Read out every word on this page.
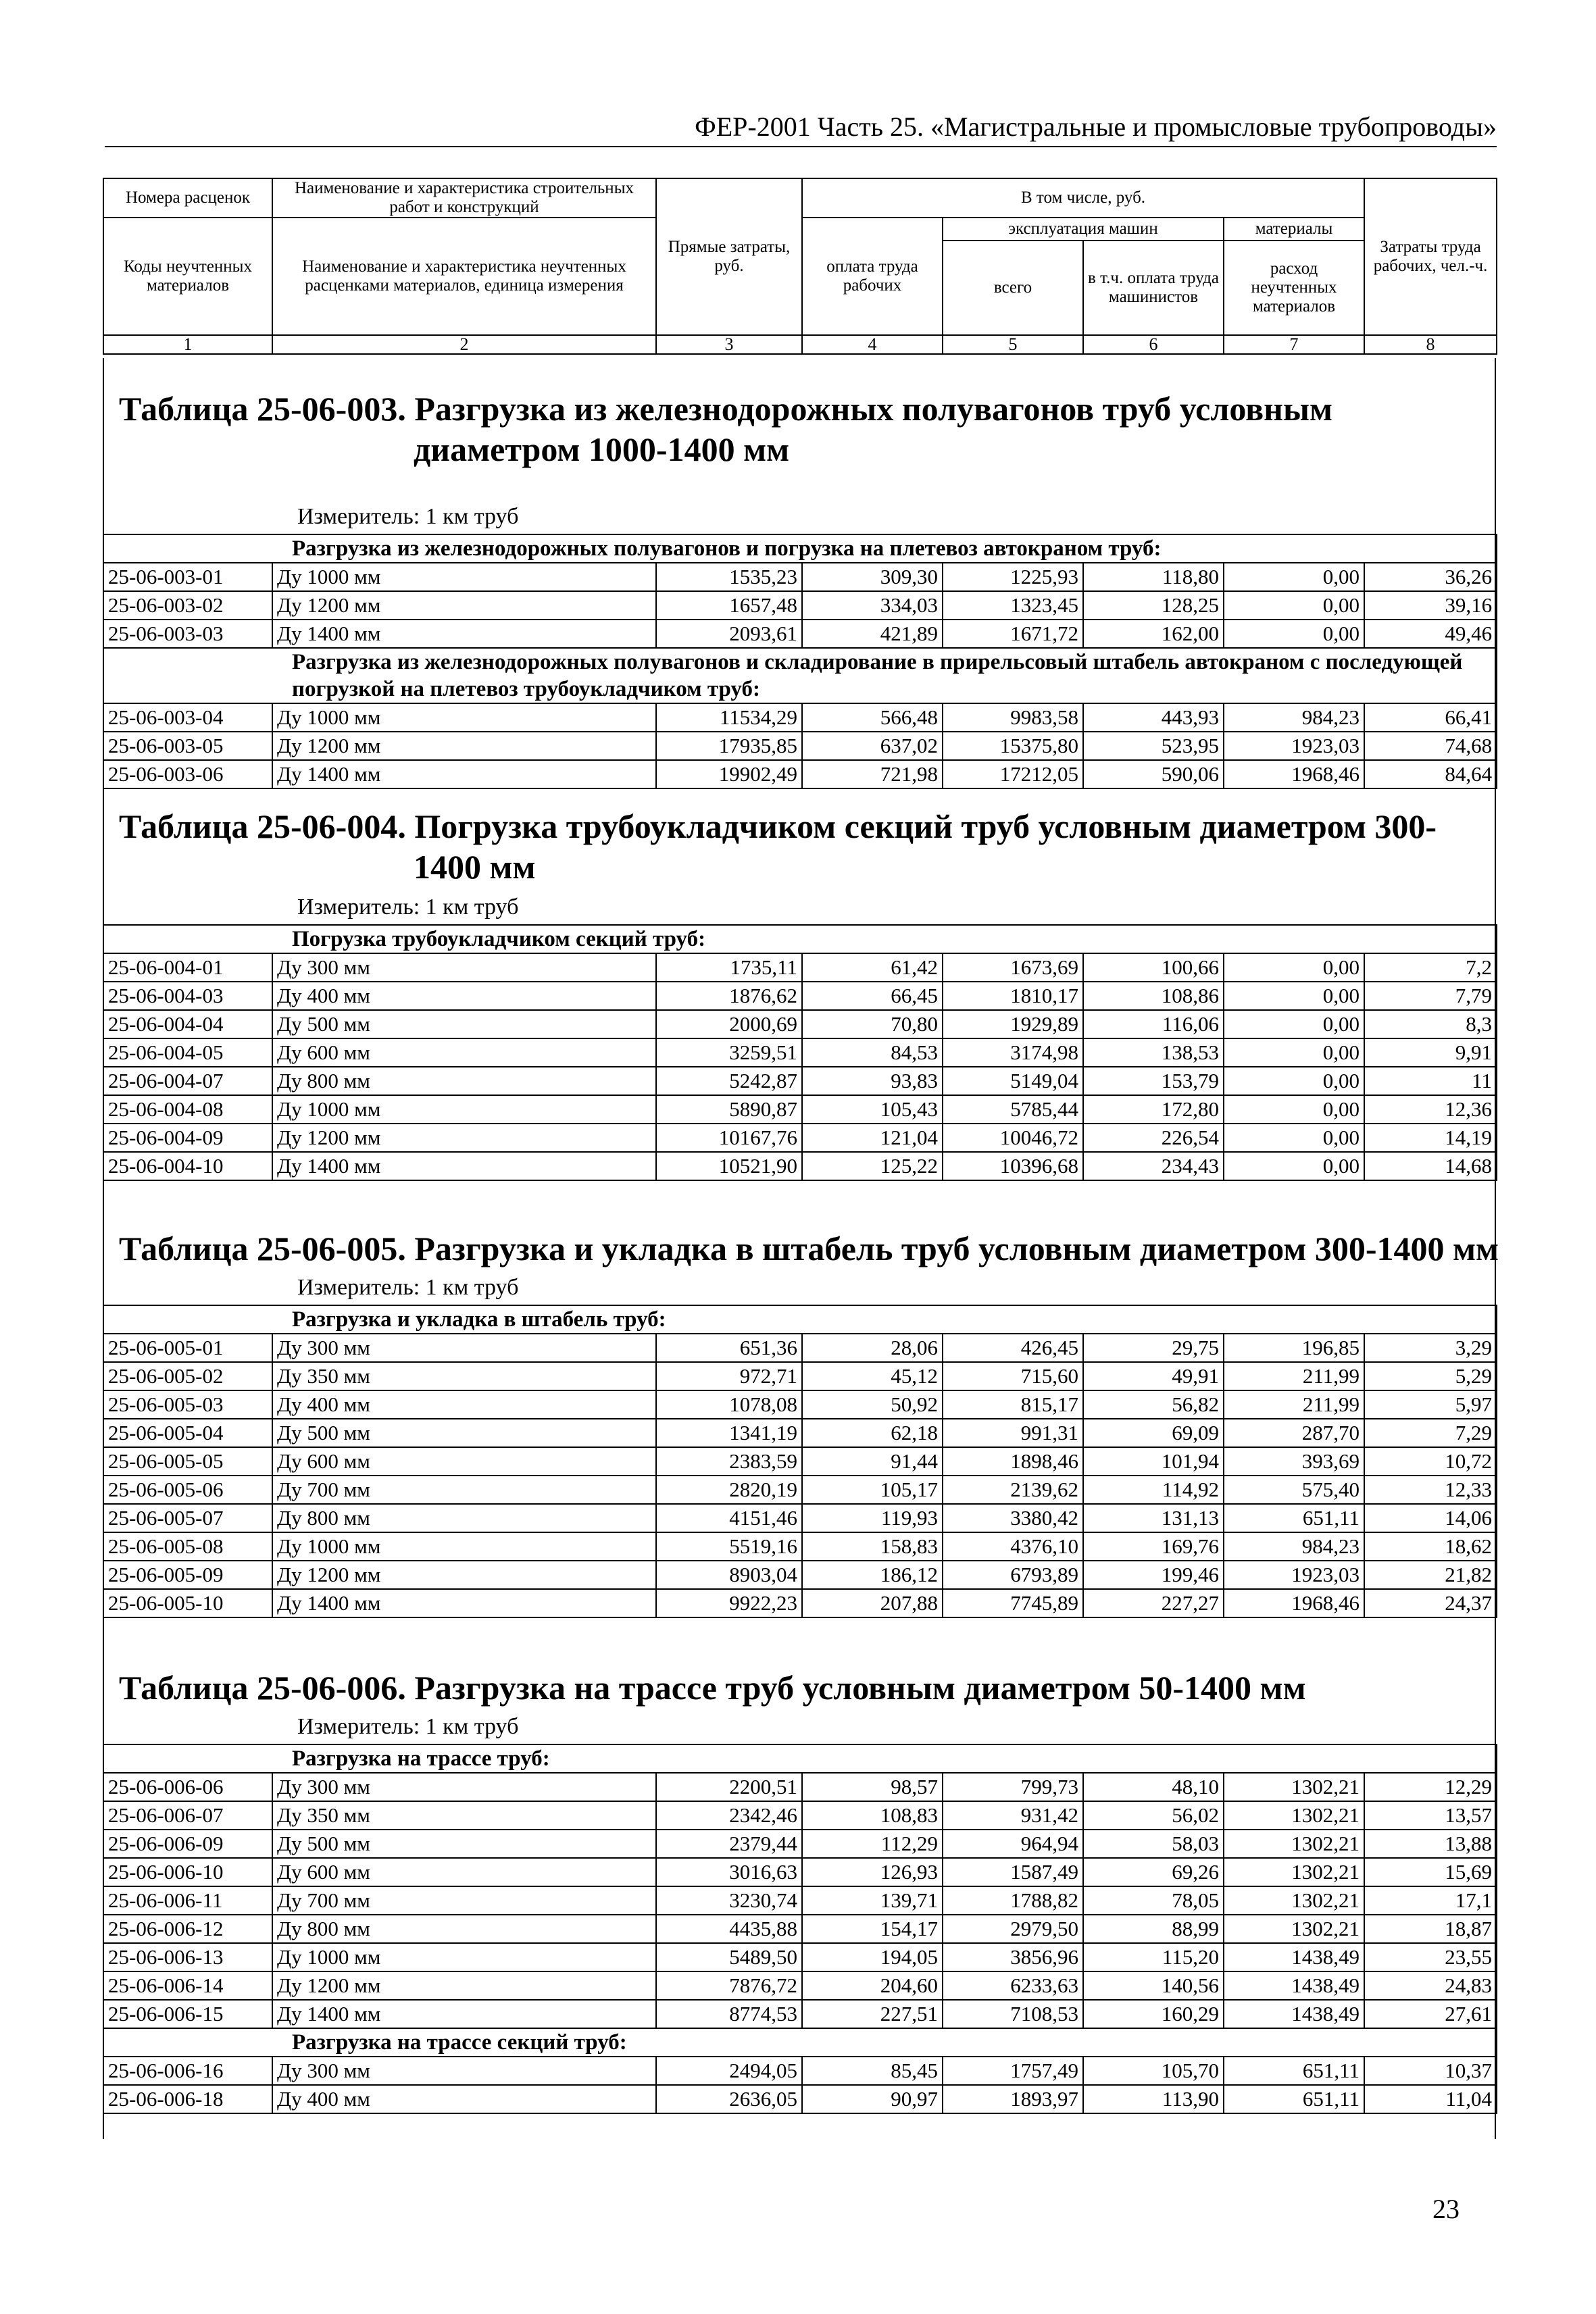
ФЕР-2001 Часть 25. «Магистральные и промысловые трубопроводы»
Номера расценок	Наименование и характеристика строительных работ и конструкций	Прямые затраты, руб.	В том числе, руб.				Затраты труда рабочих, чел.-ч.
Коды неучтенных материалов	Наименование и характеристика неучтенных расценками материалов, единица измерения		оплата труда рабочих	эксплуатация машин		материалы	
				всего	в т.ч. оплата труда машинистов	расход неучтенных материалов	
1	2	3	4	5	6	7	8
Таблица 25-06-003. Разгрузка из железнодорожных полувагонов труб условным
диаметром 1000-1400 мм
Измеритель: 1 км труб
Разгрузка из железнодорожных полувагонов и погрузка на плетевоз автокраном труб:							
25-06-003-01	Ду 1000 мм	1535,23	309,30	1225,93	118,80	0,00	36,26
25-06-003-02	Ду 1200 мм	1657,48	334,03	1323,45	128,25	0,00	39,16
25-06-003-03	Ду 1400 мм	2093,61	421,89	1671,72	162,00	0,00	49,46
Разгрузка из железнодорожных полувагонов и складирование в прирельсовый штабель автокраном с последующей погрузкой на плетевоз трубоукладчиком труб:							
25-06-003-04	Ду 1000 мм	11534,29	566,48	9983,58	443,93	984,23	66,41
25-06-003-05	Ду 1200 мм	17935,85	637,02	15375,80	523,95	1923,03	74,68
25-06-003-06	Ду 1400 мм	19902,49	721,98	17212,05	590,06	1968,46	84,64
Таблица 25-06-004. Погрузка трубоукладчиком секций труб условным диаметром 300-
1400 мм
Измеритель: 1 км труб
Погрузка трубоукладчиком секций труб:							
25-06-004-01	Ду 300 мм	1735,11	61,42	1673,69	100,66	0,00	7,2
25-06-004-03	Ду 400 мм	1876,62	66,45	1810,17	108,86	0,00	7,79
25-06-004-04	Ду 500 мм	2000,69	70,80	1929,89	116,06	0,00	8,3
25-06-004-05	Ду 600 мм	3259,51	84,53	3174,98	138,53	0,00	9,91
25-06-004-07	Ду 800 мм	5242,87	93,83	5149,04	153,79	0,00	11
25-06-004-08	Ду 1000 мм	5890,87	105,43	5785,44	172,80	0,00	12,36
25-06-004-09	Ду 1200 мм	10167,76	121,04	10046,72	226,54	0,00	14,19
25-06-004-10	Ду 1400 мм	10521,90	125,22	10396,68	234,43	0,00	14,68
Таблица 25-06-005. Разгрузка и укладка в штабель труб условным диаметром 300-1400 мм
Измеритель: 1 км труб
Разгрузка и укладка в штабель труб:							
25-06-005-01	Ду 300 мм	651,36	28,06	426,45	29,75	196,85	3,29
25-06-005-02	Ду 350 мм	972,71	45,12	715,60	49,91	211,99	5,29
25-06-005-03	Ду 400 мм	1078,08	50,92	815,17	56,82	211,99	5,97
25-06-005-04	Ду 500 мм	1341,19	62,18	991,31	69,09	287,70	7,29
25-06-005-05	Ду 600 мм	2383,59	91,44	1898,46	101,94	393,69	10,72
25-06-005-06	Ду 700 мм	2820,19	105,17	2139,62	114,92	575,40	12,33
25-06-005-07	Ду 800 мм	4151,46	119,93	3380,42	131,13	651,11	14,06
25-06-005-08	Ду 1000 мм	5519,16	158,83	4376,10	169,76	984,23	18,62
25-06-005-09	Ду 1200 мм	8903,04	186,12	6793,89	199,46	1923,03	21,82
25-06-005-10	Ду 1400 мм	9922,23	207,88	7745,89	227,27	1968,46	24,37
Таблица 25-06-006. Разгрузка на трассе труб условным диаметром 50-1400 мм
Измеритель: 1 км труб
Разгрузка на трассе труб:							
25-06-006-06	Ду 300 мм	2200,51	98,57	799,73	48,10	1302,21	12,29
25-06-006-07	Ду 350 мм	2342,46	108,83	931,42	56,02	1302,21	13,57
25-06-006-09	Ду 500 мм	2379,44	112,29	964,94	58,03	1302,21	13,88
25-06-006-10	Ду 600 мм	3016,63	126,93	1587,49	69,26	1302,21	15,69
25-06-006-11	Ду 700 мм	3230,74	139,71	1788,82	78,05	1302,21	17,1
25-06-006-12	Ду 800 мм	4435,88	154,17	2979,50	88,99	1302,21	18,87
25-06-006-13	Ду 1000 мм	5489,50	194,05	3856,96	115,20	1438,49	23,55
25-06-006-14	Ду 1200 мм	7876,72	204,60	6233,63	140,56	1438,49	24,83
25-06-006-15	Ду 1400 мм	8774,53	227,51	7108,53	160,29	1438,49	27,61
Разгрузка на трассе секций труб:							
25-06-006-16	Ду 300 мм	2494,05	85,45	1757,49	105,70	651,11	10,37
25-06-006-18	Ду 400 мм	2636,05	90,97	1893,97	113,90	651,11	11,04
23
